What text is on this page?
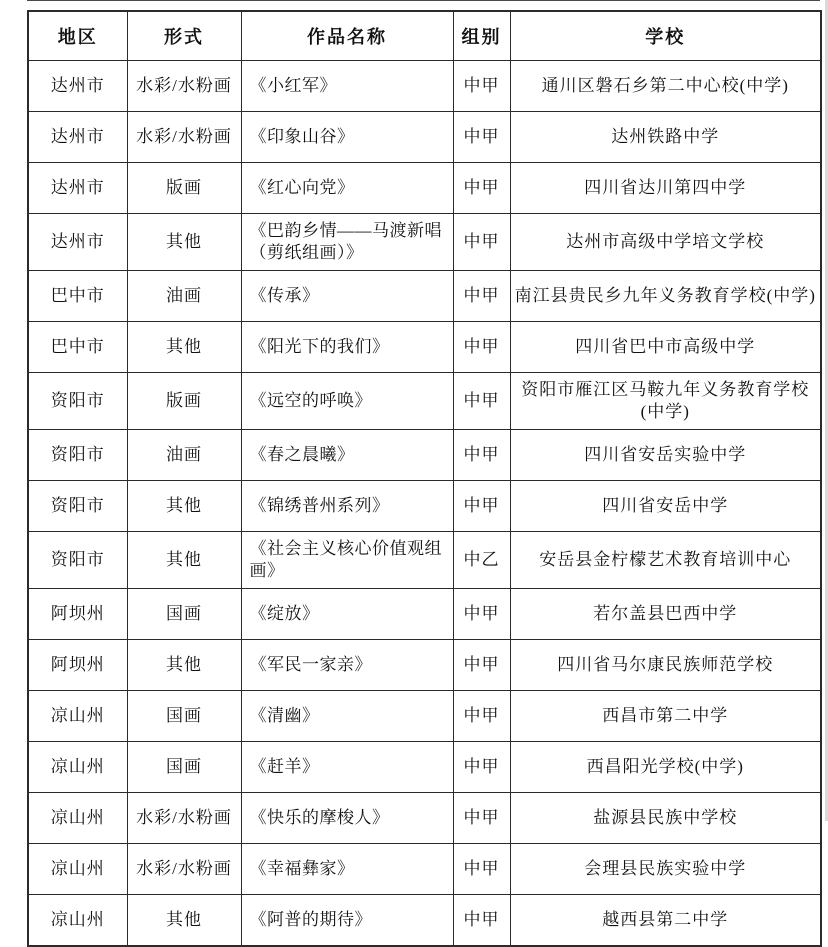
地区	形式	作品名称	组别	学校
达州市	水彩/水粉画	《小红军》	中甲	通川区磐石乡第二中心校(中学)
达州市	水彩/水粉画	《印象山谷》	中甲	达州铁路中学
达州市	版画	《红心向党》	中甲	四川省达川第四中学
达州市	其他	《巴韵乡情——马渡新唱（剪纸组画）》	中甲	达州市高级中学培文学校
巴中市	油画	《传承》	中甲	南江县贵民乡九年义务教育学校(中学)
巴中市	其他	《阳光下的我们》	中甲	四川省巴中市高级中学
资阳市	版画	《远空的呼唤》	中甲	资阳市雁江区马鞍九年义务教育学校(中学)
资阳市	油画	《春之晨曦》	中甲	四川省安岳实验中学
资阳市	其他	《锦绣普州系列》	中甲	四川省安岳中学
资阳市	其他	《社会主义核心价值观组画》	中乙	安岳县金柠檬艺术教育培训中心
阿坝州	国画	《绽放》	中甲	若尔盖县巴西中学
阿坝州	其他	《军民一家亲》	中甲	四川省马尔康民族师范学校
凉山州	国画	《清幽》	中甲	西昌市第二中学
凉山州	国画	《赶羊》	中甲	西昌阳光学校(中学)
凉山州	水彩/水粉画	《快乐的摩梭人》	中甲	盐源县民族中学校
凉山州	水彩/水粉画	《幸福彝家》	中甲	会理县民族实验中学
凉山州	其他	《阿普的期待》	中甲	越西县第二中学
